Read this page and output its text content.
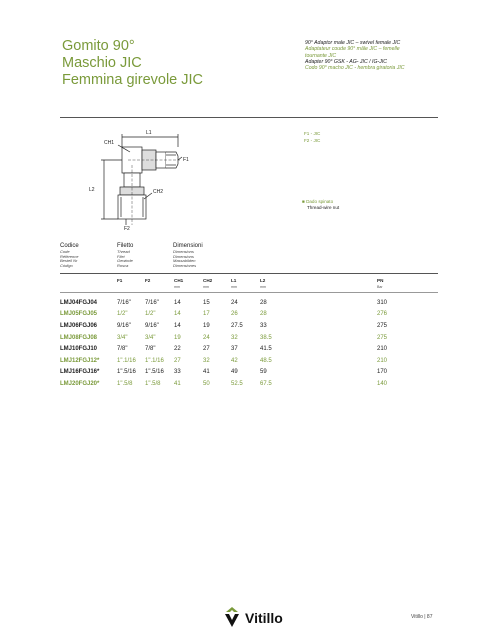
Gomito 90°
Maschio JIC
Femmina girevole JIC
90° Adaptor male JIC – swivel female JIC
Adaptateur coude 90° mâle JIC – femelle
tournante JIC
Adapter 90° GSK - AG- JIC / IG-JIC
Codo 90° macho JIC - hembra giratoria JIC
L1
CH1
F1
L2	CH2
F2
F1 - JIC
F2 - JIC
■ Dado spinato
Thread-wire nut
Codice
Code
Référence
Bestell Nr
Código
Filetto
Thread
Filet
Gewinde
Rosca
Dimensioni
Dimensions
Dimensions
Massabilden
Dimensiones
F1	F2	CH1	CH2	L1	L2	PN
mm	mm	mm	mm	Bar
LMJ04FGJ04	7/16"	7/16"	14	15	24	28	310
LMJ05FGJ05	1/2"	1/2"	14	17	26	28	276
LMJ06FGJ06	9/16"	9/16"	14	19	27.5	33	275
LMJ08FGJ08	3/4"	3/4"	19	24	32	38.5	275
LMJ10FGJ10	7/8"	7/8"	22	27	37	41.5	210
LMJ12FGJ12*	1".1/16	1".1/16	27	32	42	48.5	210
LMJ16FGJ16*	1".5/16	1".5/16	33	41	49	59	170
LMJ20FGJ20*	1".5/8	1".5/8	41	50	52.5	67.5	140
Vitillo	Vitillo | 87
